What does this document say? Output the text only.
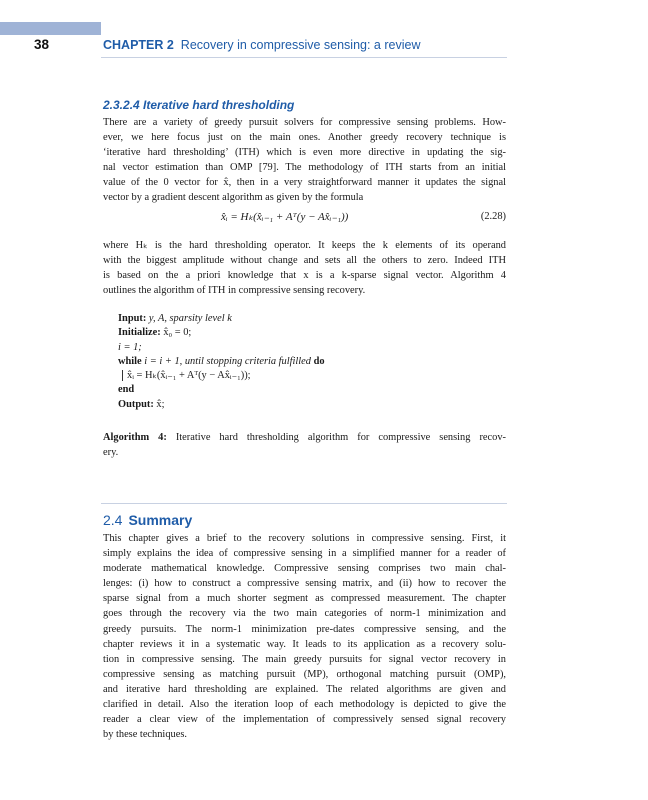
38	CHAPTER 2 Recovery in compressive sensing: a review
2.3.2.4 Iterative hard thresholding
There are a variety of greedy pursuit solvers for compressive sensing problems. How-
ever, we here focus just on the main ones. Another greedy recovery technique is
‘iterative hard thresholding’ (ITH) which is even more directive in updating the sig-
nal vector estimation than OMP [79]. The methodology of ITH starts from an initial
value of the 0 vector for x̂, then in a very straightforward manner it updates the signal
vector by a gradient descent algorithm as given by the formula
x̂ᵢ = Hₖ(x̂ᵢ₋₁ + Aᵀ(y − Ax̂ᵢ₋₁))	(2.28)
where Hₖ is the hard thresholding operator. It keeps the k elements of its operand
with the biggest amplitude without change and sets all the others to zero. Indeed ITH
is based on the a priori knowledge that x is a k-sparse signal vector. Algorithm 4
outlines the algorithm of ITH in compressive sensing recovery.
Input: y, A, sparsity level k
Initialize: x̂₀ = 0;
i = 1;
while i = i + 1, until stopping criteria fulfilled do
x̂ᵢ = Hₖ(x̂ᵢ₋₁ + Aᵀ(y − Ax̂ᵢ₋₁));
end
Output: x̂;
Algorithm 4: Iterative hard thresholding algorithm for compressive sensing recov-
ery.
2.4 Summary
This chapter gives a brief to the recovery solutions in compressive sensing. First, it
simply explains the idea of compressive sensing in a simplified manner for a reader of
moderate mathematical knowledge. Compressive sensing comprises two main chal-
lenges: (i) how to construct a compressive sensing matrix, and (ii) how to recover the
sparse signal from a much shorter segment as compressed measurement. The chapter
goes through the recovery via the two main categories of norm-1 minimization and
greedy pursuits. The norm-1 minimization pre-dates compressive sensing, and the
chapter reviews it in a systematic way. It leads to its application as a recovery solu-
tion in compressive sensing. The main greedy pursuits for signal vector recovery in
compressive sensing as matching pursuit (MP), orthogonal matching pursuit (OMP),
and iterative hard thresholding are explained. The related algorithms are given and
clarified in detail. Also the iteration loop of each methodology is depicted to give the
reader a clear view of the implementation of compressively sensed signal recovery
by these techniques.
